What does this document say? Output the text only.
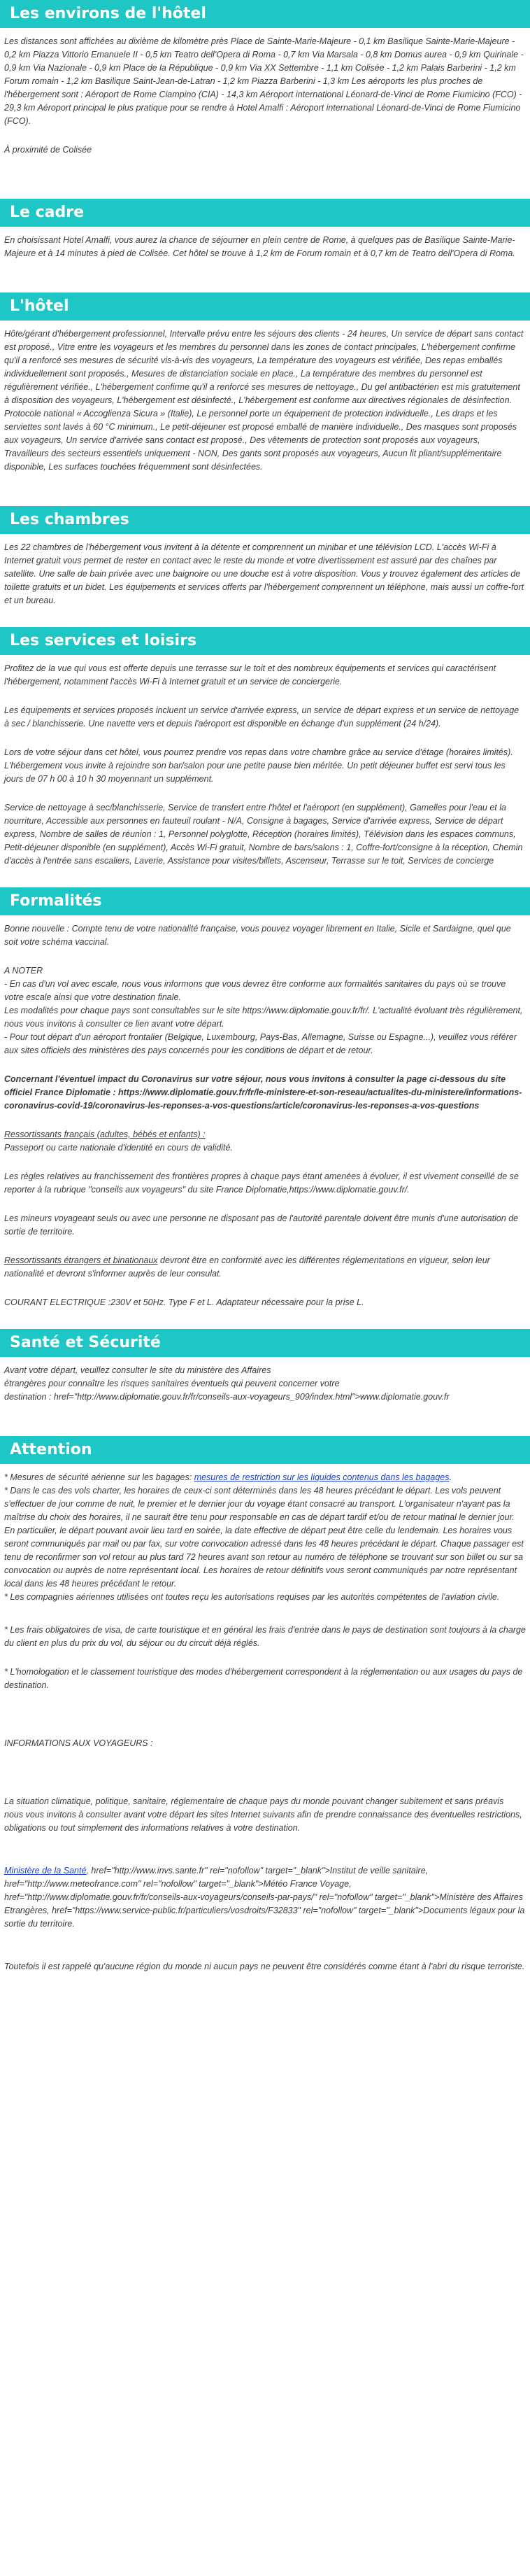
Les environs de l'hôtel

Les distances sont affichées au dixième de kilomètre près Place de Sainte-Marie-Majeure - 0,1 km Basilique Sainte-Marie-Majeure - 0,2 km Piazza Vittorio Emanuele II - 0,5 km Teatro dell'Opera di Roma - 0,7 km Via Marsala - 0,8 km Domus aurea - 0,9 km Quirinale - 0,9 km Via Nazionale - 0,9 km Place de la République - 0,9 km Via XX Settembre - 1,1 km Colisée - 1,2 km Palais Barberini - 1,2 km Forum romain - 1,2 km Basilique Saint-Jean-de-Latran - 1,2 km Piazza Barberini - 1,3 km Les aéroports les plus proches de l'hébergement sont : Aéroport de Rome Ciampino (CIA) - 14,3 km Aéroport international Léonard-de-Vinci de Rome Fiumicino (FCO) - 29,3 km Aéroport principal le plus pratique pour se rendre à Hotel Amalfi : Aéroport international Léonard-de-Vinci de Rome Fiumicino (FCO).

À proximité de Colisée

Le cadre

En choisissant Hotel Amalfi, vous aurez la chance de séjourner en plein centre de Rome, à quelques pas de Basilique Sainte-Marie-Majeure et à 14 minutes à pied de Colisée. Cet hôtel se trouve à 1,2 km de Forum romain et à 0,7 km de Teatro dell'Opera di Roma.

L'hôtel

Hôte/gérant d'hébergement professionnel, Intervalle prévu entre les séjours des clients - 24 heures, Un service de départ sans contact est proposé., Vitre entre les voyageurs et les membres du personnel dans les zones de contact principales, L'hébergement confirme qu'il a renforcé ses mesures de sécurité vis-à-vis des voyageurs, La température des voyageurs est vérifiée, Des repas emballés individuellement sont proposés., Mesures de distanciation sociale en place., La température des membres du personnel est régulièrement vérifiée., L'hébergement confirme qu'il a renforcé ses mesures de nettoyage., Du gel antibactérien est mis gratuitement à disposition des voyageurs, L'hébergement est désinfecté., L'hébergement est conforme aux directives régionales de désinfection. Protocole national « Accoglienza Sicura » (Italie), Le personnel porte un équipement de protection individuelle., Les draps et les serviettes sont lavés à 60 °C minimum., Le petit-déjeuner est proposé emballé de manière individuelle., Des masques sont proposés aux voyageurs, Un service d'arrivée sans contact est proposé., Des vêtements de protection sont proposés aux voyageurs, Travailleurs des secteurs essentiels uniquement - NON, Des gants sont proposés aux voyageurs, Aucun lit pliant/supplémentaire disponible, Les surfaces touchées fréquemment sont désinfectées.

Les chambres

Les 22 chambres de l'hébergement vous invitent à la détente et comprennent un minibar et une télévision LCD. L'accès Wi-Fi à Internet gratuit vous permet de rester en contact avec le reste du monde et votre divertissement est assuré par des chaînes par satellite. Une salle de bain privée avec une baignoire ou une douche est à votre disposition. Vous y trouvez également des articles de toilette gratuits et un bidet. Les équipements et services offerts par l'hébergement comprennent un téléphone, mais aussi un coffre-fort et un bureau.

Les services et loisirs

Profitez de la vue qui vous est offerte depuis une terrasse sur le toit et des nombreux équipements et services qui caractérisent l'hébergement, notamment l'accès Wi-Fi à Internet gratuit et un service de conciergerie.

Les équipements et services proposés incluent un service d'arrivée express, un service de départ express et un service de nettoyage à sec / blanchisserie. Une navette vers et depuis l'aéroport est disponible en échange d'un supplément (24 h/24).

Lors de votre séjour dans cet hôtel, vous pourrez prendre vos repas dans votre chambre grâce au service d'étage (horaires limités). L'hébergement vous invite à rejoindre son bar/salon pour une petite pause bien méritée. Un petit déjeuner buffet est servi tous les jours de 07 h 00 à 10 h 30 moyennant un supplément.

Service de nettoyage à sec/blanchisserie, Service de transfert entre l'hôtel et l'aéroport (en supplément), Gamelles pour l'eau et la nourriture, Accessible aux personnes en fauteuil roulant - N/A, Consigne à bagages, Service d'arrivée express, Service de départ express, Nombre de salles de réunion : 1, Personnel polyglotte, Réception (horaires limités), Télévision dans les espaces communs, Petit-déjeuner disponible (en supplément), Accès Wi-Fi gratuit, Nombre de bars/salons : 1, Coffre-fort/consigne à la réception, Chemin d'accès à l'entrée sans escaliers, Laverie, Assistance pour visites/billets, Ascenseur, Terrasse sur le toit, Services de concierge

Formalités

Bonne nouvelle : Compte tenu de votre nationalité française, vous pouvez voyager librement en Italie, Sicile et Sardaigne, quel que soit votre schéma vaccinal.

A NOTER
- En cas d'un vol avec escale, nous vous informons que vous devrez être conforme aux formalités sanitaires du pays où se trouve votre escale ainsi que votre destination finale.
Les modalités pour chaque pays sont consultables sur le site https://www.diplomatie.gouv.fr/fr/. L'actualité évoluant très régulièrement, nous vous invitons à consulter ce lien avant votre départ.
- Pour tout départ d'un aéroport frontalier (Belgique, Luxembourg, Pays-Bas, Allemagne, Suisse ou Espagne...), veuillez vous référer aux sites officiels des ministères des pays concernés pour les conditions de départ et de retour.

Concernant l'éventuel impact du Coronavirus sur votre séjour, nous vous invitons à consulter la page ci-dessous du site officiel France Diplomatie : https://www.diplomatie.gouv.fr/fr/le-ministere-et-son-reseau/actualites-du-ministere/informations-coronavirus-covid-19/coronavirus-les-reponses-a-vos-questions/article/coronavirus-les-reponses-a-vos-questions

Ressortissants français (adultes, bébés et enfants) :
Passeport ou carte nationale d'identité en cours de validité.

Les règles relatives au franchissement des frontières propres à chaque pays étant amenées à évoluer, il est vivement conseillé de se reporter à la rubrique "conseils aux voyageurs" du site France Diplomatie,https://www.diplomatie.gouv.fr/.

Les mineurs voyageant seuls ou avec une personne ne disposant pas de l'autorité parentale doivent être munis d'une autorisation de sortie de territoire.

Ressortissants étrangers et binationaux devront être en conformité avec les différentes réglementations en vigueur, selon leur nationalité et devront s'informer auprès de leur consulat.

COURANT ELECTRIQUE :230V et 50Hz. Type F et L. Adaptateur nécessaire pour la prise L.

Santé et Sécurité

Avant votre départ, veuillez consulter le site du ministère des Affaires
étrangères pour connaître les risques sanitaires éventuels qui peuvent concerner votre
destination : href="http://www.diplomatie.gouv.fr/fr/conseils-aux-voyageurs_909/index.html">www.diplomatie.gouv.fr

Attention

* Mesures de sécurité aérienne sur les bagages: mesures de restriction sur les liquides contenus dans les bagages.
* Dans le cas des vols charter, les horaires de ceux-ci sont déterminés dans les 48 heures précédant le départ. Les vols peuvent s'effectuer de jour comme de nuit, le premier et le dernier jour du voyage étant consacré au transport. L'organisateur n'ayant pas la maîtrise du choix des horaires, il ne saurait être tenu pour responsable en cas de départ tardif et/ou de retour matinal le dernier jour. En particulier, le départ pouvant avoir lieu tard en soirée, la date effective de départ peut être celle du lendemain. Les horaires vous seront communiqués par mail ou par fax, sur votre convocation adressé dans les 48 heures précédant le départ. Chaque passager est tenu de reconfirmer son vol retour au plus tard 72 heures avant son retour au numéro de téléphone se trouvant sur son billet ou sur sa convocation ou auprès de notre représentant local. Les horaires de retour définitifs vous seront communiqués par notre représentant local dans les 48 heures précédant le retour.
* Les compagnies aériennes utilisées ont toutes reçu les autorisations requises par les autorités compétentes de l'aviation civile.

* Les frais obligatoires de visa, de carte touristique et en général les frais d'entrée dans le pays de destination sont toujours à la charge du client en plus du prix du vol, du séjour ou du circuit déjà réglés.

* L'homologation et le classement touristique des modes d'hébergement correspondent à la réglementation ou aux usages du pays de destination.

INFORMATIONS AUX VOYAGEURS :

La situation climatique, politique, sanitaire, réglementaire de chaque pays du monde pouvant changer subitement et sans préavis
nous vous invitons à consulter avant votre départ les sites Internet suivants afin de prendre connaissance des éventuelles restrictions, obligations ou tout simplement des informations relatives à votre destination.

Ministère de la Santé, href="http://www.invs.sante.fr" rel="nofollow" target="_blank">Institut de veille sanitaire, href="http://www.meteofrance.com" rel="nofollow" target="_blank">Météo France Voyage, href="http://www.diplomatie.gouv.fr/fr/conseils-aux-voyageurs/conseils-par-pays/" rel="nofollow" target="_blank">Ministère des Affaires Etrangères, href="https://www.service-public.fr/particuliers/vosdroits/F32833" rel="nofollow" target="_blank">Documents légaux pour la sortie du territoire.

Toutefois il est rappelé qu'aucune région du monde ni aucun pays ne peuvent être considérés comme étant à l'abri du risque terroriste.
